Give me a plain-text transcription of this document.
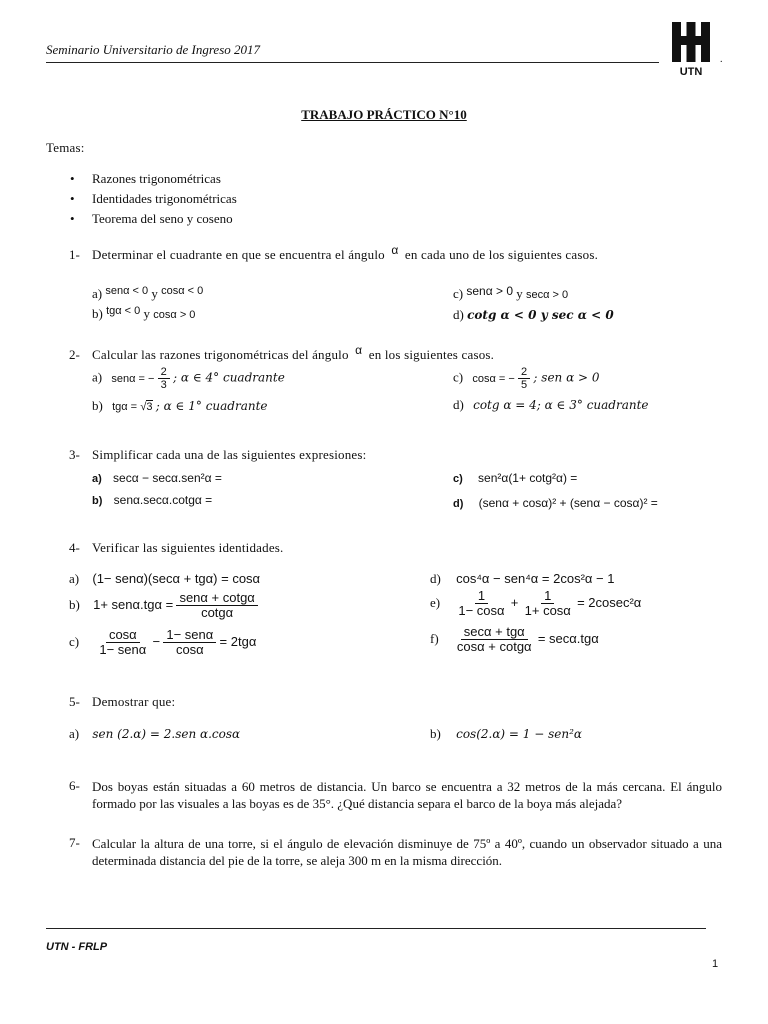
Seminario Universitario de Ingreso 2017
.
UTN
TRABAJO PRÁCTICO N°10
Temas:
• Razones trigonométricas
• Identidades trigonométricas
• Teorema del seno y coseno
1- Determinar el cuadrante en que se encuentra el ángulo α en cada uno de los siguientes casos.
a) $^{sen\alpha < 0}$ y $^{cos\alpha < 0}$
b) $^{tg\alpha < 0}$ y cosα > 0
c) senα > 0 y secα > 0
d) cotg α < 0 y sec α < 0
2- Calcular las razones trigonométricas del ángulo α en los siguientes casos.
a) senα = − $\frac{2}{3}$ ; α ∈ 4° cuadrante
b) tgα = √3 ; α ∈ 1° cuadrante
c) cosα = − $\frac{2}{5}$ ; sen α > 0
d) cotg α = 4; α ∈ 3° cuadrante
3- Simplificar cada una de las siguientes expresiones:
a) secα − secα.sen²α =
b) senα.secα.cotgα =
c) sen²α(1+ cotg²α) =
d) (senα + cosα)² + (senα − cosα)² =
4- Verificar las siguientes identidades.
a) (1− senα)(secα + tgα) = cosα
b) $1+ sen\alpha.tg\alpha = \frac{\text{senα + cotgα}}{\cot g\alpha}$
$c) \frac{\cos\alpha}{\text{1− senα}} - \frac{\text{1− senα}}{\cos\alpha} = 2tg\alpha$
d) cos⁴α − sen⁴α = 2cos²α − 1
$e) \frac{1}{1- \cos\alpha} + \frac{1}{1+ \cos\alpha} = 2cosec^2\alpha$
$f) \frac{\text{secα + tgα}}{\cos\alpha + \cot g\alpha} = \sec\alpha.tg\alpha$
5- Demostrar que:
a) sen (2.α) = 2.sen α.cosα	b) cos(2.α) = 1 − sen²α
6- Dos boyas están situadas a 60 metros de distancia. Un barco se encuentra a 32 metros de la más cercana. El ángulo formado por las visuales a las boyas es de 35°. ¿Qué distancia separa el barco de la boya más alejada?
7- Calcular la altura de una torre, si el ángulo de elevación disminuye de 75º a 40º, cuando un observador situado a una determinada distancia del pie de la torre, se aleja 300 m en la misma dirección.
UTN - FRLP
1
